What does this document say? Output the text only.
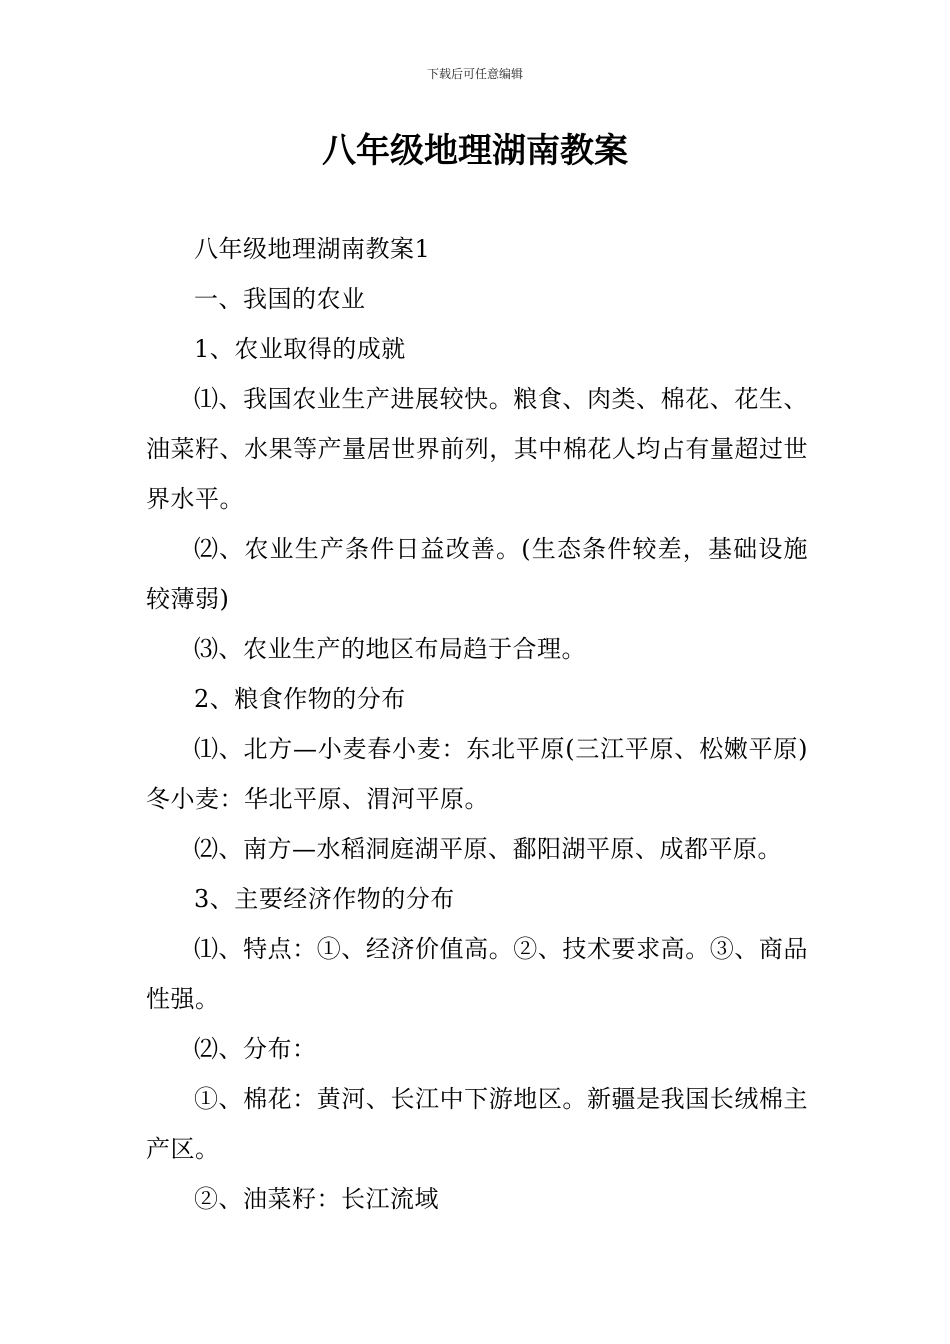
下载后可任意编辑
八年级地理湖南教案

八年级地理湖南教案1

一、我国的农业

1、农业取得的成就

⑴、我国农业生产进展较快。粮食、肉类、棉花、花生、油菜籽、水果等产量居世界前列，其中棉花人均占有量超过世界水平。

⑵、农业生产条件日益改善。(生态条件较差，基础设施较薄弱)

⑶、农业生产的地区布局趋于合理。

2、粮食作物的分布

⑴、北方—小麦春小麦：东北平原(三江平原、松嫩平原)冬小麦：华北平原、渭河平原。

⑵、南方—水稻洞庭湖平原、鄱阳湖平原、成都平原。

3、主要经济作物的分布

⑴、特点：①、经济价值高。②、技术要求高。③、商品性强。

⑵、分布：

①、棉花：黄河、长江中下游地区。新疆是我国长绒棉主产区。

②、油菜籽：长江流域
